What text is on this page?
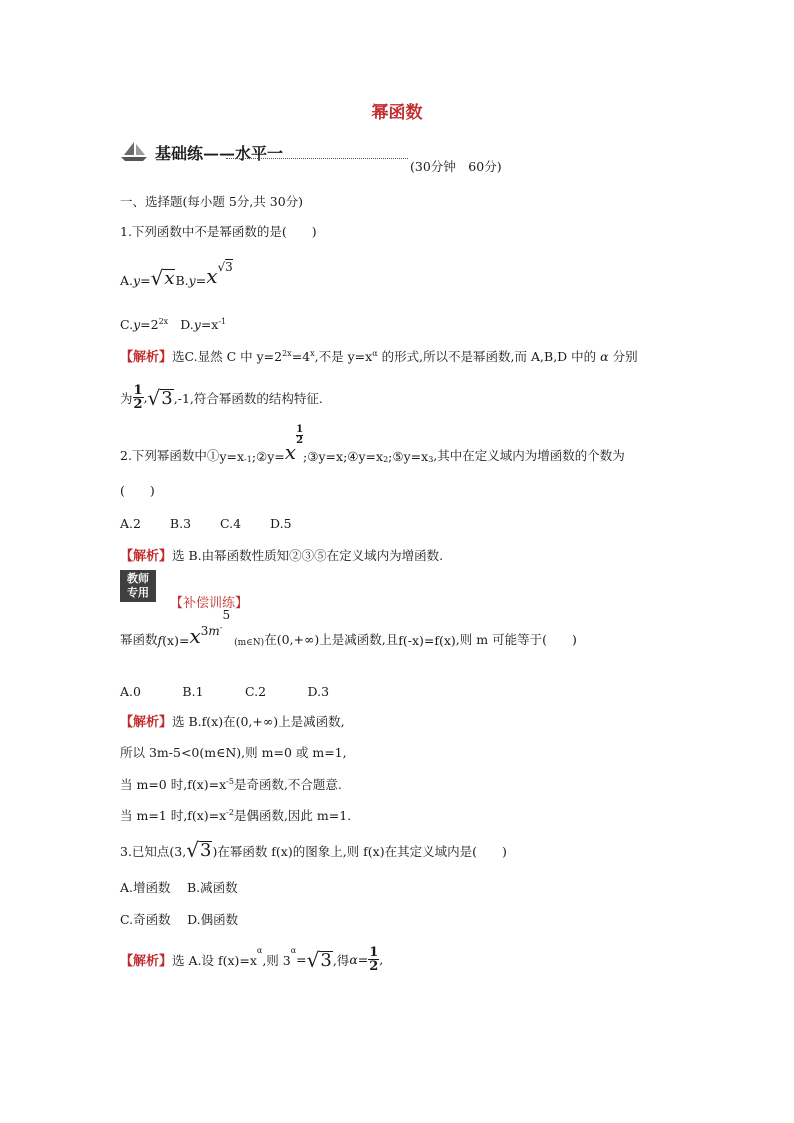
幂函数
基础练——水平一
(30分钟　60分)
一、选择题(每小题 5分,共 30分)
1.下列函数中不是幂函数的是(　　)
A. y = √ x B. y = x √ 3
$C.y=2^{2x}$ $D.y=x^{-1}$
【解析】选C.显然 C 中 $y=2^{2x}=4^x$,不是 $y=x^\alpha$ 的形式,所以不是幂函数,而 A,B,D 中的 α 分别
为 $\frac{1}{2}$ , √ 3 ,-1,符合幂函数的结构特征.
2.下列幂函数中① $y=x_{-1}$ ;② y= x
1
2
;③ y=x ;④ $y=x_2$ ;⑤ $y=x_3$ ,其中在定义域内为增函数的个数为
(　　)
A.2　　 B.3　　 C.4　　 D.5
【解析】选 B.由幂函数性质知②③⑤在定义域内为增函数.
教师
专用
【补偿训练】
幂函数 f (x)= x 3m-
5
(m∈N) 在(0,+∞)上是减函数,且 f(-x)=f(x) ,则 m 可能等于(　　)
A.0　　　 B.1　　　 C.2　　　 D.3
【解析】选 B.f(x)在(0,+∞)上是减函数,
所以 3m-5<0(m∈N),则 m=0 或 m=1,
当 m=0 时$,f(x)=x^{-5}$是奇函数,不合题意.
当 m=1 时$,f(x)=x^{-2}$是偶函数,因此 m=1.
3.已知点(3, √ 3 )在幂函数 f(x)的图象上,则 f(x)在其定义域内是(　　)
A.增函数　 B.减函数
C.奇函数　 D.偶函数
【解析】 选 A.设 f(x)=x
$^\alpha$
,则 3
$^\alpha$
= √ 3 ,得 $\alpha = \frac{1}{2}$ ,
